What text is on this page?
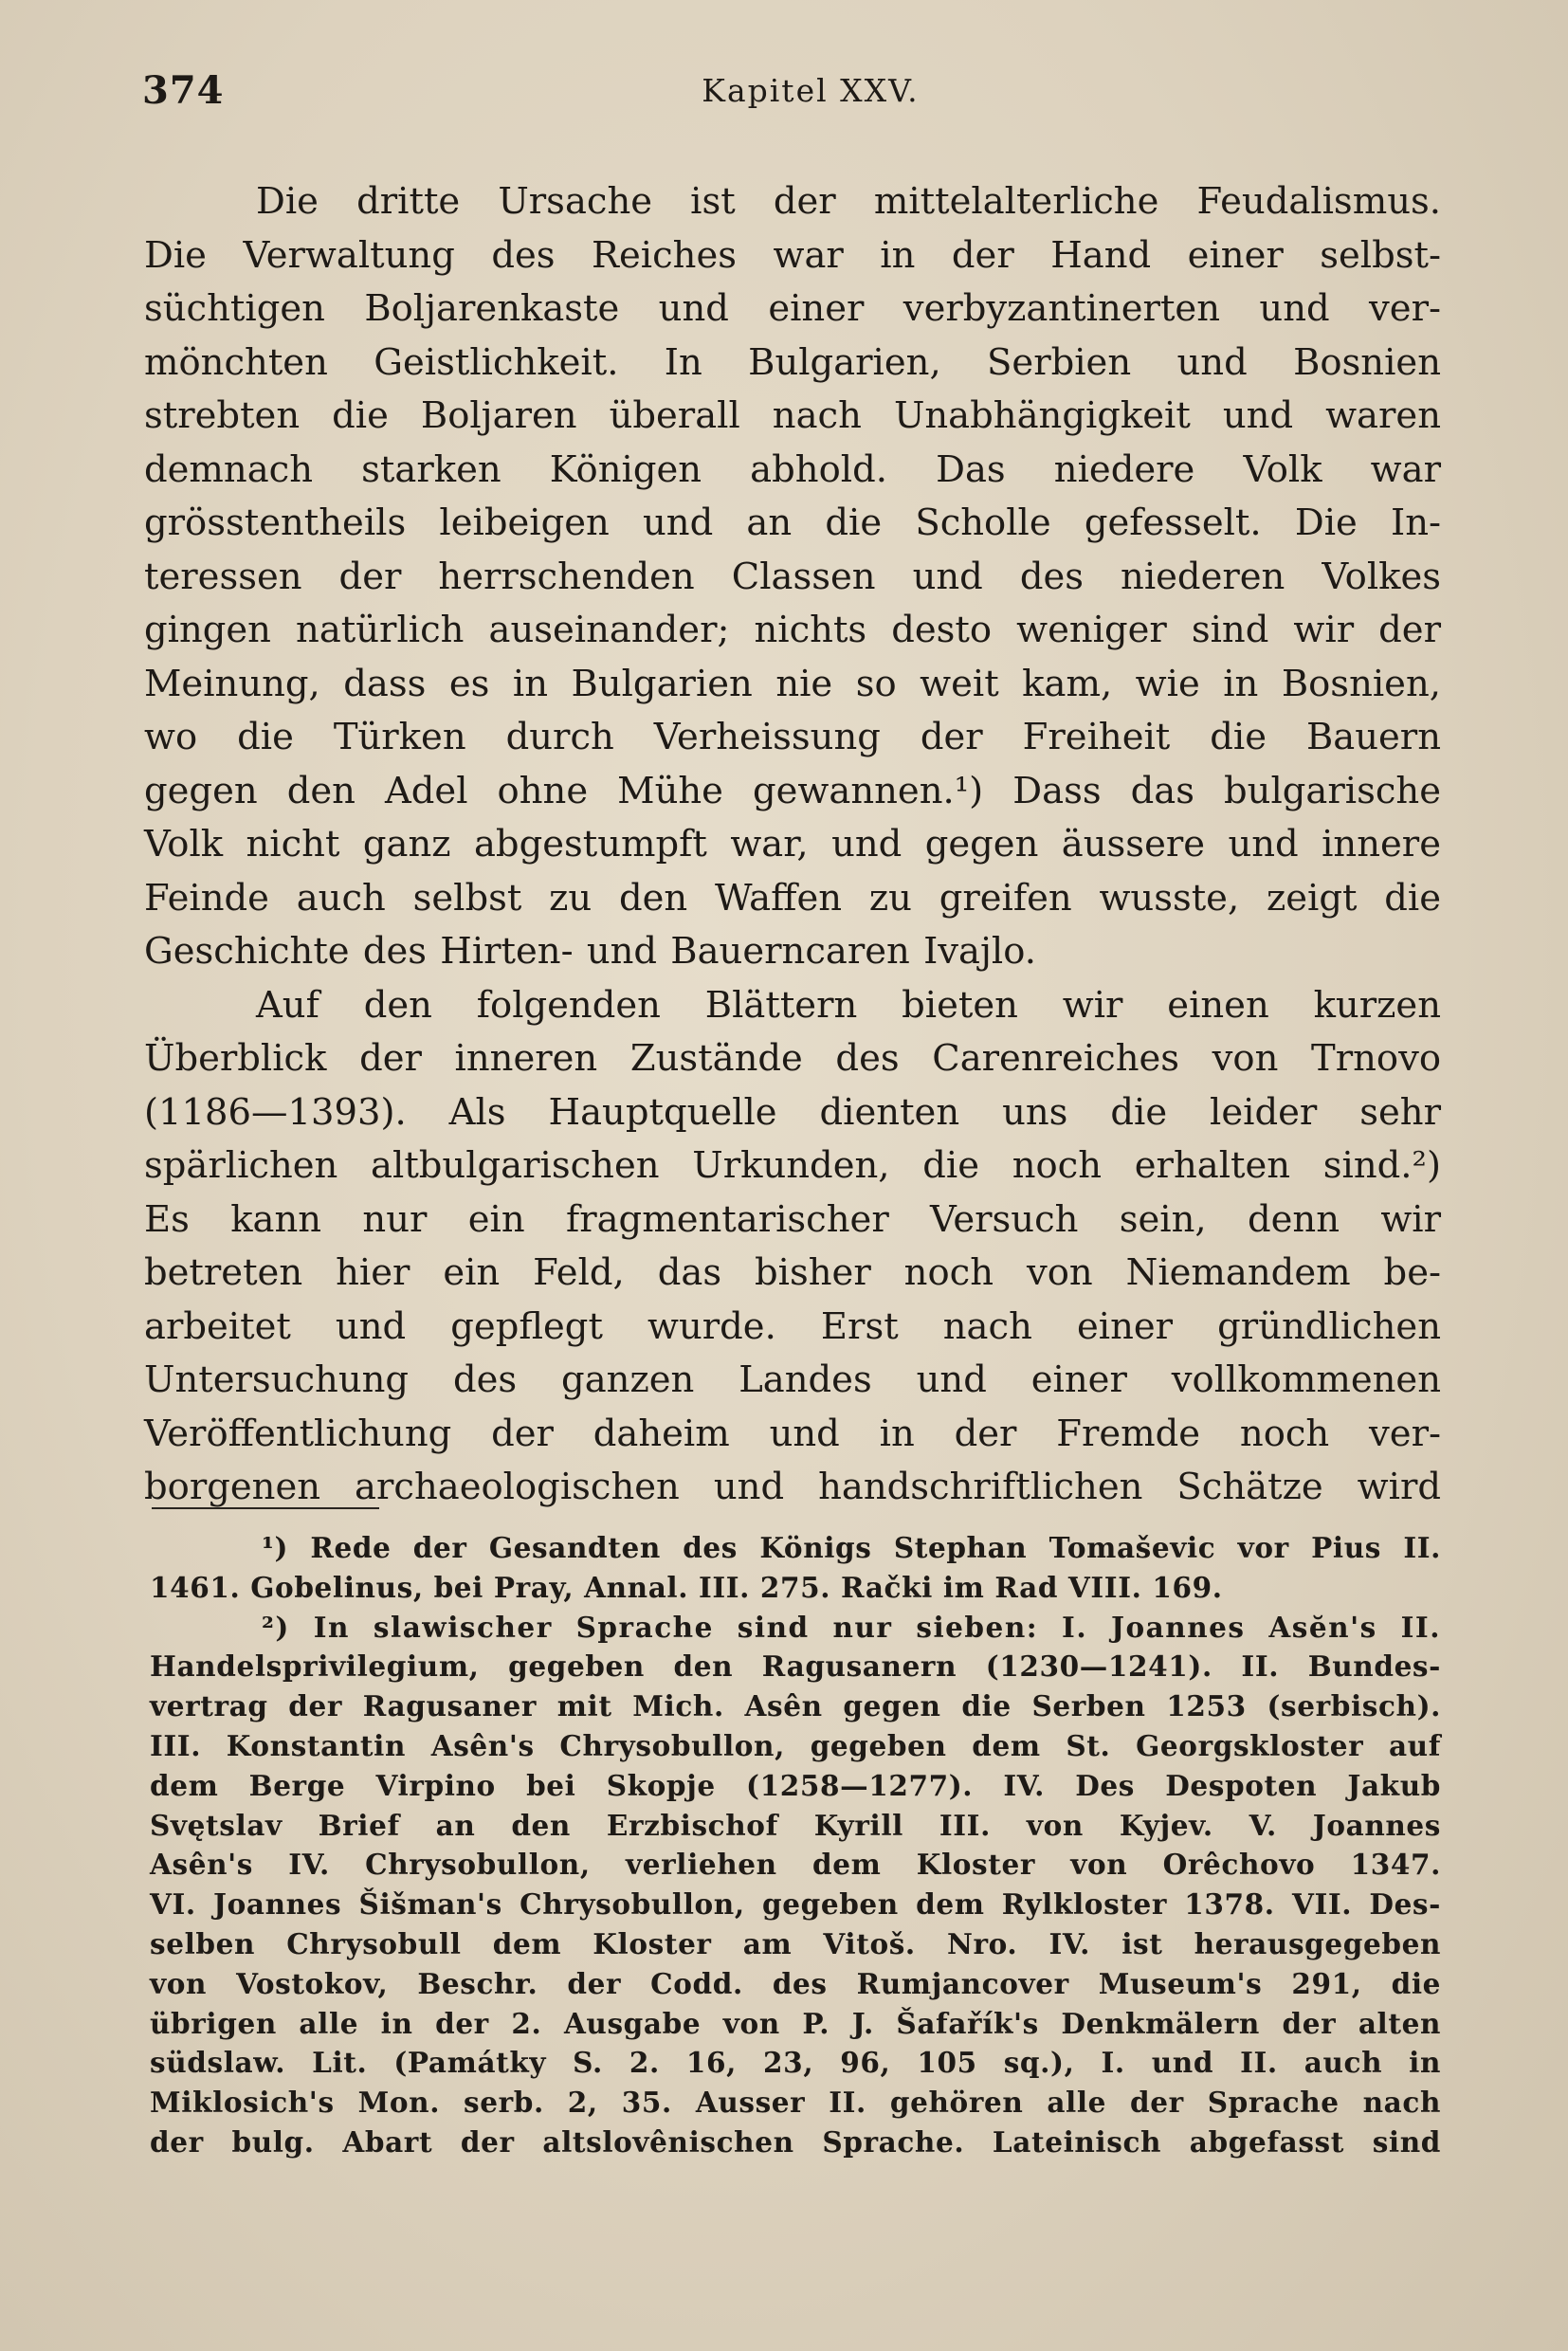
374	Kapitel XXV.
Die dritte Ursache ist der mittelalterliche Feudalismus.
Die Verwaltung des Reiches war in der Hand einer selbst-
süchtigen Boljarenkaste und einer verbyzantinerten und ver-
mönchten Geistlichkeit. In Bulgarien, Serbien und Bosnien
strebten die Boljaren überall nach Unabhängigkeit und waren
demnach starken Königen abhold. Das niedere Volk war
grösstentheils leibeigen und an die Scholle gefesselt. Die In-
teressen der herrschenden Classen und des niederen Volkes
gingen natürlich auseinander; nichts desto weniger sind wir der
Meinung, dass es in Bulgarien nie so weit kam, wie in Bosnien,
wo die Türken durch Verheissung der Freiheit die Bauern
gegen den Adel ohne Mühe gewannen.¹) Dass das bulgarische
Volk nicht ganz abgestumpft war, und gegen äussere und innere
Feinde auch selbst zu den Waffen zu greifen wusste, zeigt die
Geschichte des Hirten- und Bauerncaren Ivajlo.
Auf den folgenden Blättern bieten wir einen kurzen
Überblick der inneren Zustände des Carenreiches von Trnovo
(1186—1393). Als Hauptquelle dienten uns die leider sehr
spärlichen altbulgarischen Urkunden, die noch erhalten sind.²)
Es kann nur ein fragmentarischer Versuch sein, denn wir
betreten hier ein Feld, das bisher noch von Niemandem be-
arbeitet und gepflegt wurde. Erst nach einer gründlichen
Untersuchung des ganzen Landes und einer vollkommenen
Veröffentlichung der daheim und in der Fremde noch ver-
borgenen archaeologischen und handschriftlichen Schätze wird
¹) Rede der Gesandten des Königs Stephan Tomaševic vor Pius II.
1461. Gobelinus, bei Pray, Annal. III. 275. Rački im Rad VIII. 169.
²) In slawischer Sprache sind nur sieben: I. Joannes Asĕn's II.
Handelsprivilegium, gegeben den Ragusanern (1230—1241). II. Bundes-
vertrag der Ragusaner mit Mich. Asên gegen die Serben 1253 (serbisch).
III. Konstantin Asên's Chrysobullon, gegeben dem St. Georgskloster auf
dem Berge Virpino bei Skopje (1258—1277). IV. Des Despoten Jakub
Svętslav Brief an den Erzbischof Kyrill III. von Kyjev. V. Joannes
Asên's IV. Chrysobullon, verliehen dem Kloster von Orêchovo 1347.
VI. Joannes Šišman's Chrysobullon, gegeben dem Rylkloster 1378. VII. Des-
selben Chrysobull dem Kloster am Vitoš. Nro. IV. ist herausgegeben
von Vostokov, Beschr. der Codd. des Rumjancover Museum's 291, die
übrigen alle in der 2. Ausgabe von P. J. Šafařík's Denkmälern der alten
südslaw. Lit. (Památky S. 2. 16, 23, 96, 105 sq.), I. und II. auch in
Miklosich's Mon. serb. 2, 35. Ausser II. gehören alle der Sprache nach
der bulg. Abart der altslovênischen Sprache. Lateinisch abgefasst sind
